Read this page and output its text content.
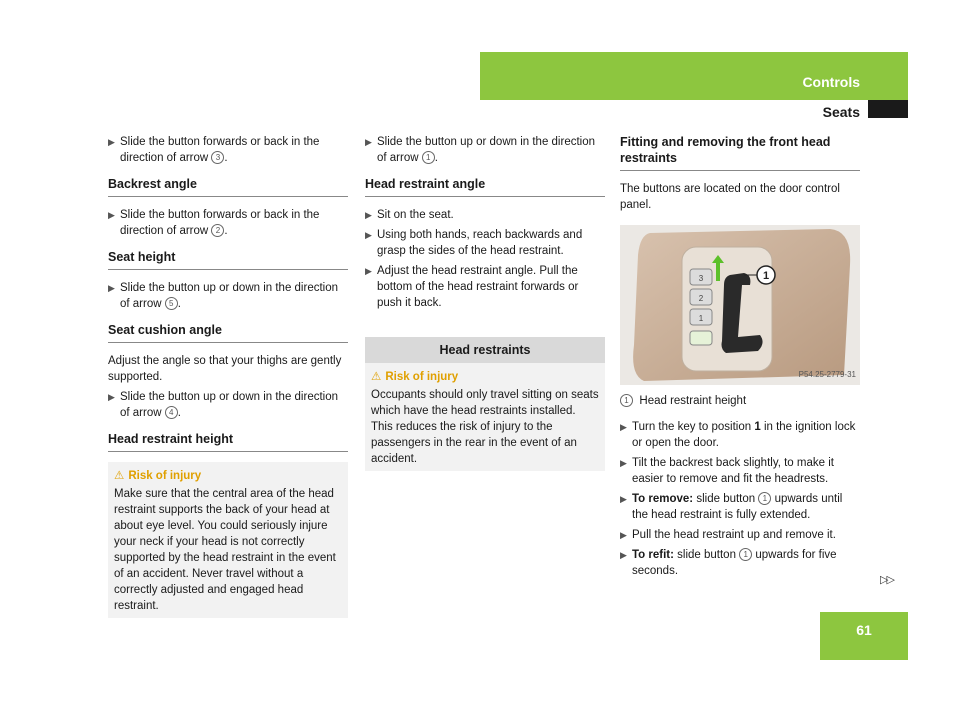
Controls
Seats
▶ Slide the button forwards or back in the direction of arrow 3 .
Backrest angle
▶ Slide the button forwards or back in the direction of arrow 2 .
Seat height
▶ Slide the button up or down in the direction of arrow 5 .
Seat cushion angle

Adjust the angle so that your thighs are gently supported.

▶ Slide the button up or down in the direction of arrow 4 .
Head restraint height
⚠ Risk of injury
Make sure that the central area of the head restraint supports the back of your head at about eye level. You could seriously injure your neck if your head is not correctly supported by the head restraint in the event of an accident. Never travel without a correctly adjusted and engaged head restraint.
▶ Slide the button up or down in the direction of arrow 1 .
Head restraint angle
▶ Sit on the seat.
▶ Using both hands, reach backwards and grasp the sides of the head restraint.
▶ Adjust the head restraint angle. Pull the bottom of the head restraint forwards or push it back.
Head restraints
⚠ Risk of injury
Occupants should only travel sitting on seats which have the head restraints installed. This reduces the risk of injury to the passengers in the rear in the event of an accident.
Fitting and removing the front head restraints

The buttons are located on the door control panel.

3
2
1
1
P54.25-2779-31

1 Head restraint height

▶ Turn the key to position 1 in the ignition lock or open the door.
▶ Tilt the backrest back slightly, to make it easier to remove and fit the headrests.
▶ To remove: slide button 1 upwards until the head restraint is fully extended.
▶ Pull the head restraint up and remove it.
▶ To refit: slide button 1 upwards for five seconds.
▷▷
61
